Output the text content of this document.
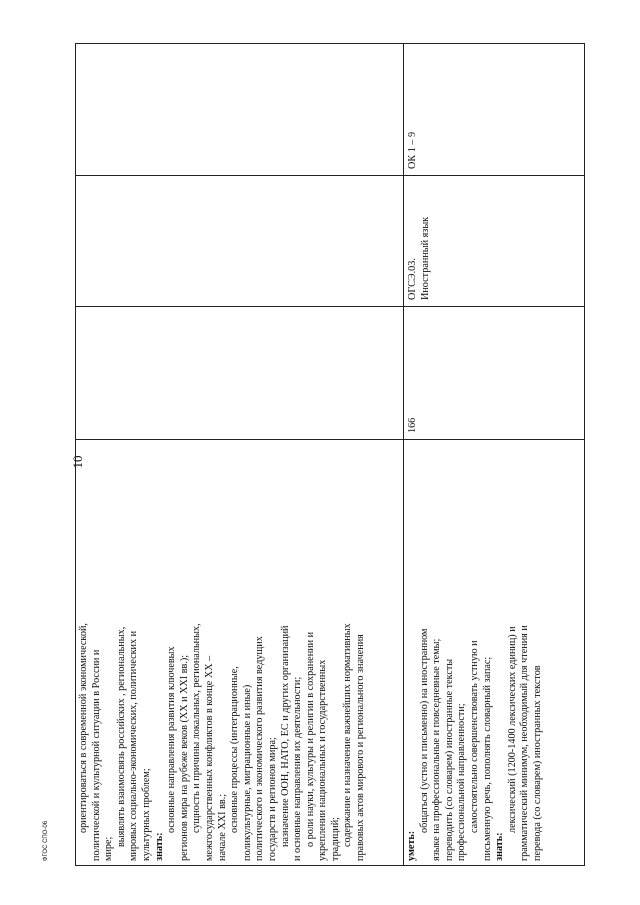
10

ориентироваться в современной экономической, политической и культурной ситуации в России и мире;

выявлять взаимосвязь российских , региональных, мировых социально-экономических, политических и культурных проблем; знать:

основные направления развития ключевых регионов мира на рубеже веков (XX и XXI вв.); сущность и причины локальных, региональных, межгосударственных конфликтов в конце XX – начале XXI вв.; основные процессы (интеграционные, поликультурные, миграционные и иные) политического и экономического развития ведущих государств и регионов мира; назначение ООН, НАТО, ЕС и других организаций и основные направления их деятельности; о роли науки, культуры и религии в сохранении и укреплении национальных и государственных традиций; содержание и назначение важнейших нормативных правовых актов мирового и регионального значения	уметь:

общаться (устно и письменно) на иностранном языке на профессиональные и повседневные темы; переводить (со словарем) иностранные тексты профессиональной направленности; самостоятельно совершенствовать устную и письменную речь, пополнять словарный запас; знать:

лексический (1200-1400 лексических единиц) и грамматический минимум, необходимый для чтения и перевода (со словарем) иностранных текстов

166

ОГСЭ.03. Иностранный язык

ОК 1 – 9

ФГОС СПО-06
